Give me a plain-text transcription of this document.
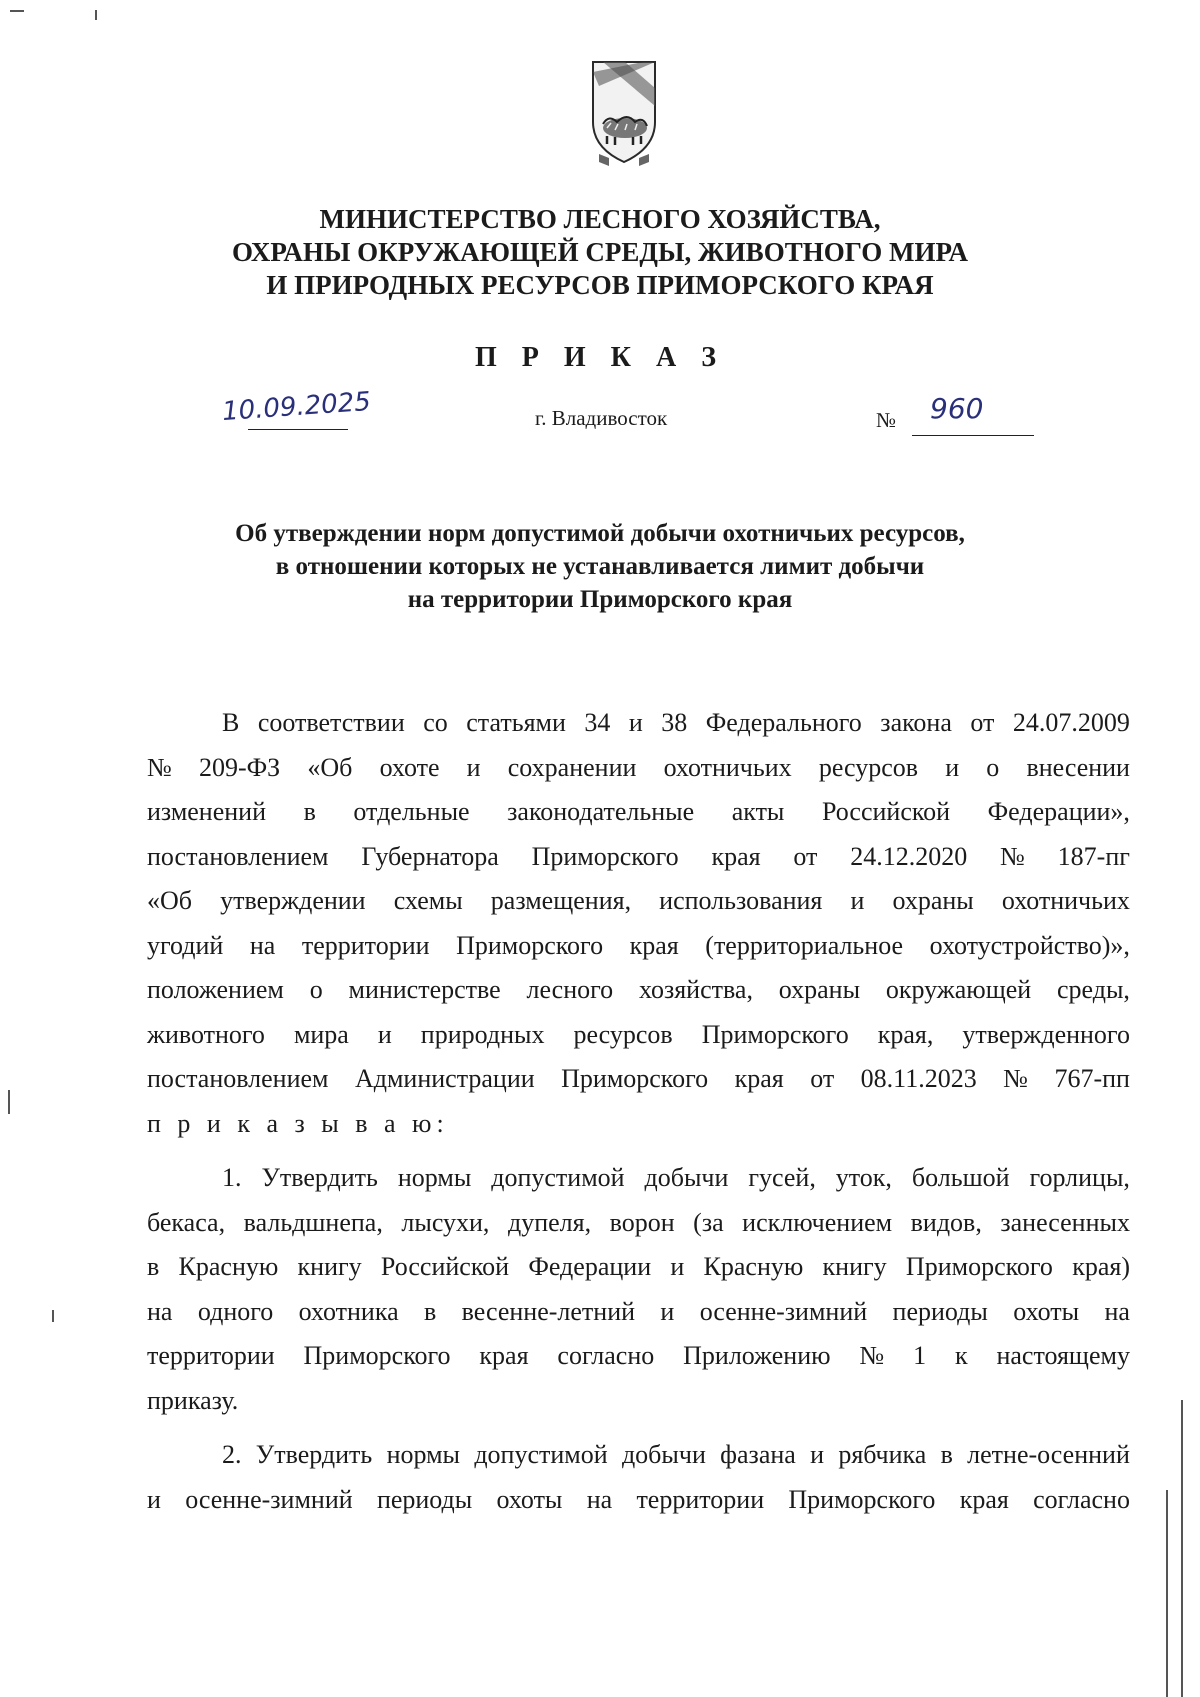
МИНИСТЕРСТВО ЛЕСНОГО ХОЗЯЙСТВА,
ОХРАНЫ ОКРУЖАЮЩЕЙ СРЕДЫ, ЖИВОТНОГО МИРА
И ПРИРОДНЫХ РЕСУРСОВ ПРИМОРСКОГО КРАЯ
П Р И К А З
10.09.2025	г. Владивосток	№ 960
Об утверждении норм допустимой добычи охотничьих ресурсов,
в отношении которых не устанавливается лимит добычи
на территории Приморского края

В соответствии со статьями 34 и 38 Федерального закона от 24.07.2009

№ 209-ФЗ «Об охоте и сохранении охотничьих ресурсов и о внесении

изменений в отдельные законодательные акты Российской Федерации»,

постановлением Губернатора Приморского края от 24.12.2020 № 187-пг

«Об утверждении схемы размещения, использования и охраны охотничьих

угодий на территории Приморского края (территориальное охотустройство)»,

положением о министерстве лесного хозяйства, охраны окружающей среды,

животного мира и природных ресурсов Приморского края, утвержденного

постановлением Администрации Приморского края от 08.11.2023 № 767-пп

п р и к а з ы в а ю:

1. Утвердить нормы допустимой добычи гусей, уток, большой горлицы,

бекаса, вальдшнепа, лысухи, дупеля, ворон (за исключением видов, занесенных

в Красную книгу Российской Федерации и Красную книгу Приморского края)

на одного охотника в весенне-летний и осенне-зимний периоды охоты на

территории Приморского края согласно Приложению № 1 к настоящему

приказу.

2. Утвердить нормы допустимой добычи фазана и рябчика в летне-осенний

и осенне-зимний периоды охоты на территории Приморского края согласно
